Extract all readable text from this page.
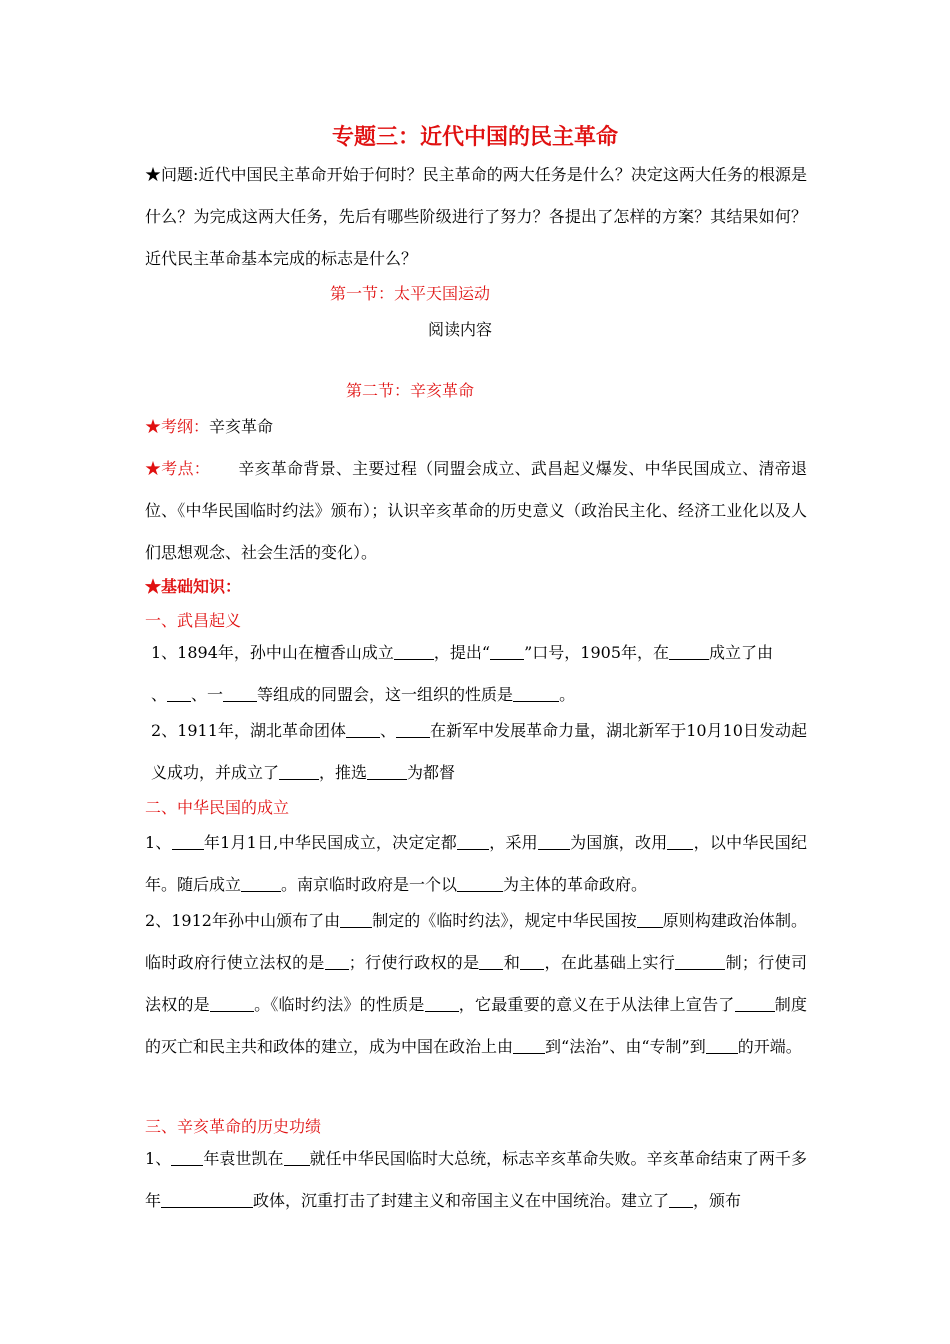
专题三：近代中国的民主革命
★问题:近代中国民主革命开始于何时？民主革命的两大任务是什么？决定这两大任务的根源是什么？为完成这两大任务，先后有哪些阶级进行了努力？各提出了怎样的方案？其结果如何？近代民主革命基本完成的标志是什么？
第一节：太平天国运动
阅读内容
第二节：辛亥革命
★考纲：辛亥革命
★考点： 辛亥革命背景、主要过程（同盟会成立、武昌起义爆发、中华民国成立、清帝退位、《中华民国临时约法》颁布）；认识辛亥革命的历史意义（政治民主化、经济工业化以及人们思想观念、社会生活的变化）。
★基础知识：
一、武昌起义
1、1894年，孙中山在檀香山成立	，提出“ ”口号，1905年，在	成立了由
、 、一 等组成的同盟会，这一组织的性质是	。
2、1911年，湖北革命团体 、 在新军中发展革命力量，湖北新军于10月10日发动起义成功，并成立了	，推选	为都督
二、中华民国的成立
1、 年1月1日,中华民国成立，决定定都 ，采用 为国旗，改用 ，以中华民国纪年。随后成立	。南京临时政府是一个以	为主体的革命政府。
2、1912年孙中山颁布了由 制定的《临时约法》，规定中华民国按 原则构建政治体制。临时政府行使立法权的是 ；行使行政权的是 和 ，在此基础上实行	制；行使司法权的是	。《临时约法》的性质是 ，它最重要的意义在于从法律上宣告了	制度的灭亡和民主共和政体的建立，成为中国在政治上由 到“法治”、由“专制”到 的开端。
三、辛亥革命的历史功绩
1、 年袁世凯在 就任中华民国临时大总统，标志辛亥革命失败。辛亥革命结束了两千多年	政体，沉重打击了封建主义和帝国主义在中国统治。建立了 ，颁布
